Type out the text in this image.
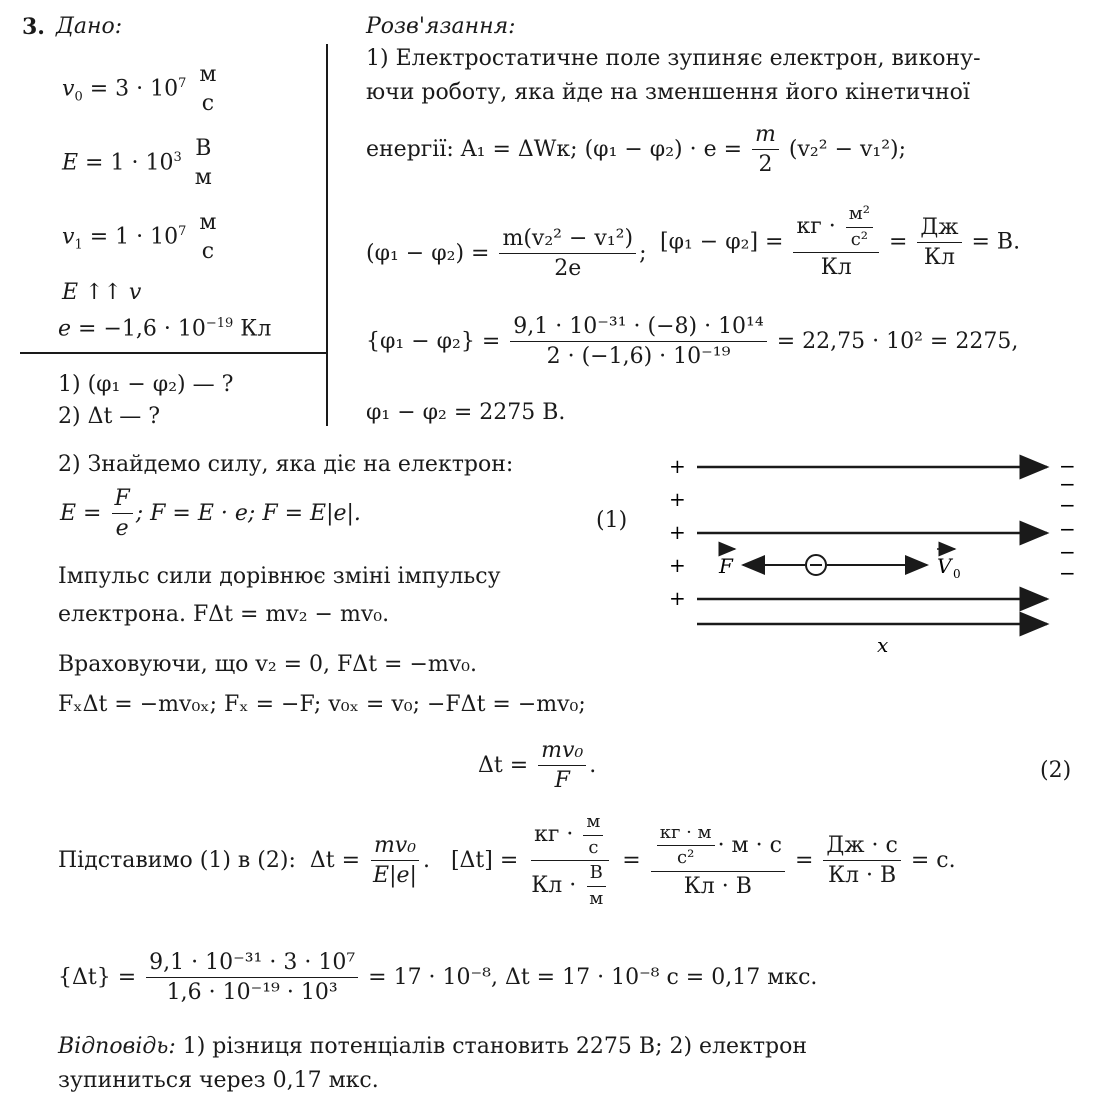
3. Дано:	Розв'язання:
$v_0 = 3 \cdot 10^7$ м
с
$E = 1 \cdot 10^3$ В
м
$v_1 = 1 \cdot 10^7$ м
с
E ↑↑ v
$e = -1,6 \cdot 10^{-19}$ Кл
1) (φ₁ − φ₂) — ?
2) Δt — ?
1) Електростатичне поле зупиняє електрон, викону-
ючи роботу, яка йде на зменшення його кінетичної
енергії: A₁ = ΔWк; $(\varphi_1 - \varphi_2) \cdot e = \frac{m}{2} (v_2^2 - v_1^2)$;
$(\varphi_1 - \varphi_2) = \frac{\text{m(v₂² − v₁²)}}{2e}$ ; $[\varphi_1 - \varphi_2] = \frac{кг \cdot \frac{\text{м²}}{\text{с²}}}{Кл} = \frac{Дж}{Кл} = В$.
$\{\varphi_1 - \varphi_2\} = \frac{\text{9,1 · 10⁻³¹ · (−8) · 10¹⁴}}{\text{2 · (−1,6) · 10⁻¹⁹}} = 22,75 \cdot 10^2 = 2275$,
φ₁ − φ₂ = 2275 В.
2) Знайдемо силу, яка діє на електрон:
$E = \frac{F}{e}$ ; F = E · e; F = E|e|.	(1)
Імпульс сили дорівнює зміні імпульсу
електрона. FΔt = mv₂ − mv₀.
Враховуючи, що v₂ = 0, FΔt = −mv₀.
FₓΔt = −mv₀ₓ; Fₓ = −F; v₀ₓ = v₀; −FΔt = −mv₀;
$\Delta t = \frac{\text{mv₀}}{F}$ .	(2)
Підставимо (1) в (2): $\Delta t = \frac{\text{mv₀}}{E|e|}$ .   $[\Delta t] = \frac{кг \cdot \frac{м}{с}}{Кл \cdot \frac{В}{м}} = \frac{\frac{кг \cdot м}{\text{с²}} \cdot м \cdot с}{Кл \cdot В} = \frac{Дж \cdot с}{Кл \cdot В} = с$.
$\{\Delta t\} = \frac{\text{9,1 · 10⁻³¹ · 3 · 10⁷}}{\text{1,6 · 10⁻¹⁹ · 10³}} = 17 \cdot 10^{-8}$, Δt = 17 · 10⁻⁸ с = 0,17 мкс.
Відповідь: 1) різниця потенціалів становить 2275 В; 2) електрон
зупиниться через 0,17 мкс.
+
+
+
+
+
−
−
−
−
−
−
x
F	V 0
